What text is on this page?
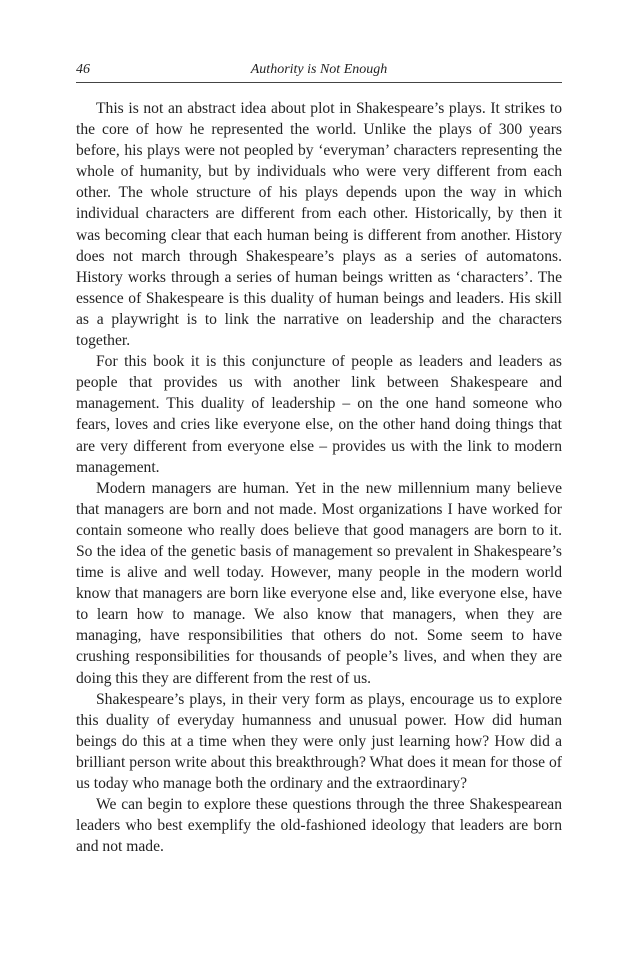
46	Authority is Not Enough

This is not an abstract idea about plot in Shakespeare’s plays. It strikes to the core of how he represented the world. Unlike the plays of 300 years before, his plays were not peopled by ‘everyman’ characters representing the whole of humanity, but by individuals who were very different from each other. The whole structure of his plays depends upon the way in which individual characters are different from each other. Historically, by then it was becoming clear that each human being is different from another. History does not march through Shakespeare’s plays as a series of automatons. History works through a series of human beings written as ‘characters’. The essence of Shakespeare is this duality of human beings and leaders. His skill as a playwright is to link the narrative on leadership and the characters together.

For this book it is this conjuncture of people as leaders and leaders as people that provides us with another link between Shakespeare and management. This duality of leadership – on the one hand someone who fears, loves and cries like everyone else, on the other hand doing things that are very different from everyone else – provides us with the link to modern management.

Modern managers are human. Yet in the new millennium many believe that managers are born and not made. Most organizations I have worked for contain someone who really does believe that good managers are born to it. So the idea of the genetic basis of management so prevalent in Shakespeare’s time is alive and well today. However, many people in the modern world know that managers are born like everyone else and, like everyone else, have to learn how to manage. We also know that managers, when they are managing, have responsibilities that others do not. Some seem to have crushing responsibilities for thousands of people’s lives, and when they are doing this they are different from the rest of us.

Shakespeare’s plays, in their very form as plays, encourage us to explore this duality of everyday humanness and unusual power. How did human beings do this at a time when they were only just learning how? How did a brilliant person write about this breakthrough? What does it mean for those of us today who manage both the ordinary and the extraordinary?

We can begin to explore these questions through the three Shakespearean leaders who best exemplify the old-fashioned ideology that leaders are born and not made.
